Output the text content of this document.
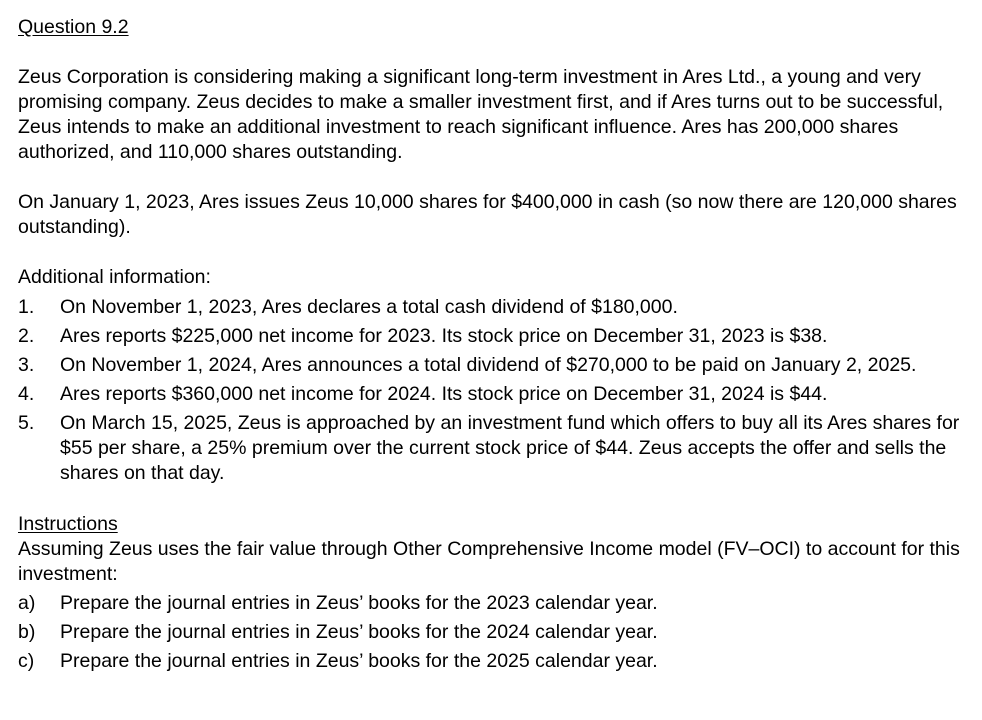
Question 9.2

Zeus Corporation is considering making a significant long-term investment in Ares Ltd., a young and very promising company. Zeus decides to make a smaller investment first, and if Ares turns out to be successful, Zeus intends to make an additional investment to reach significant influence. Ares has 200,000 shares authorized, and 110,000 shares outstanding.

On January 1, 2023, Ares issues Zeus 10,000 shares for $400,000 in cash (so now there are 120,000 shares outstanding).

Additional information:

1.	On November 1, 2023, Ares declares a total cash dividend of $180,000.
2.	Ares reports $225,000 net income for 2023. Its stock price on December 31, 2023 is $38.
3.	On November 1, 2024, Ares announces a total dividend of $270,000 to be paid on January 2, 2025.
4.	Ares reports $360,000 net income for 2024. Its stock price on December 31, 2024 is $44.
5.	On March 15, 2025, Zeus is approached by an investment fund which offers to buy all its Ares shares for $55 per share, a 25% premium over the current stock price of $44. Zeus accepts the offer and sells the shares on that day.

Instructions

Assuming Zeus uses the fair value through Other Comprehensive Income model (FV–OCI) to account for this investment:

a)	Prepare the journal entries in Zeus’ books for the 2023 calendar year.
b)	Prepare the journal entries in Zeus’ books for the 2024 calendar year.
c)	Prepare the journal entries in Zeus’ books for the 2025 calendar year.
